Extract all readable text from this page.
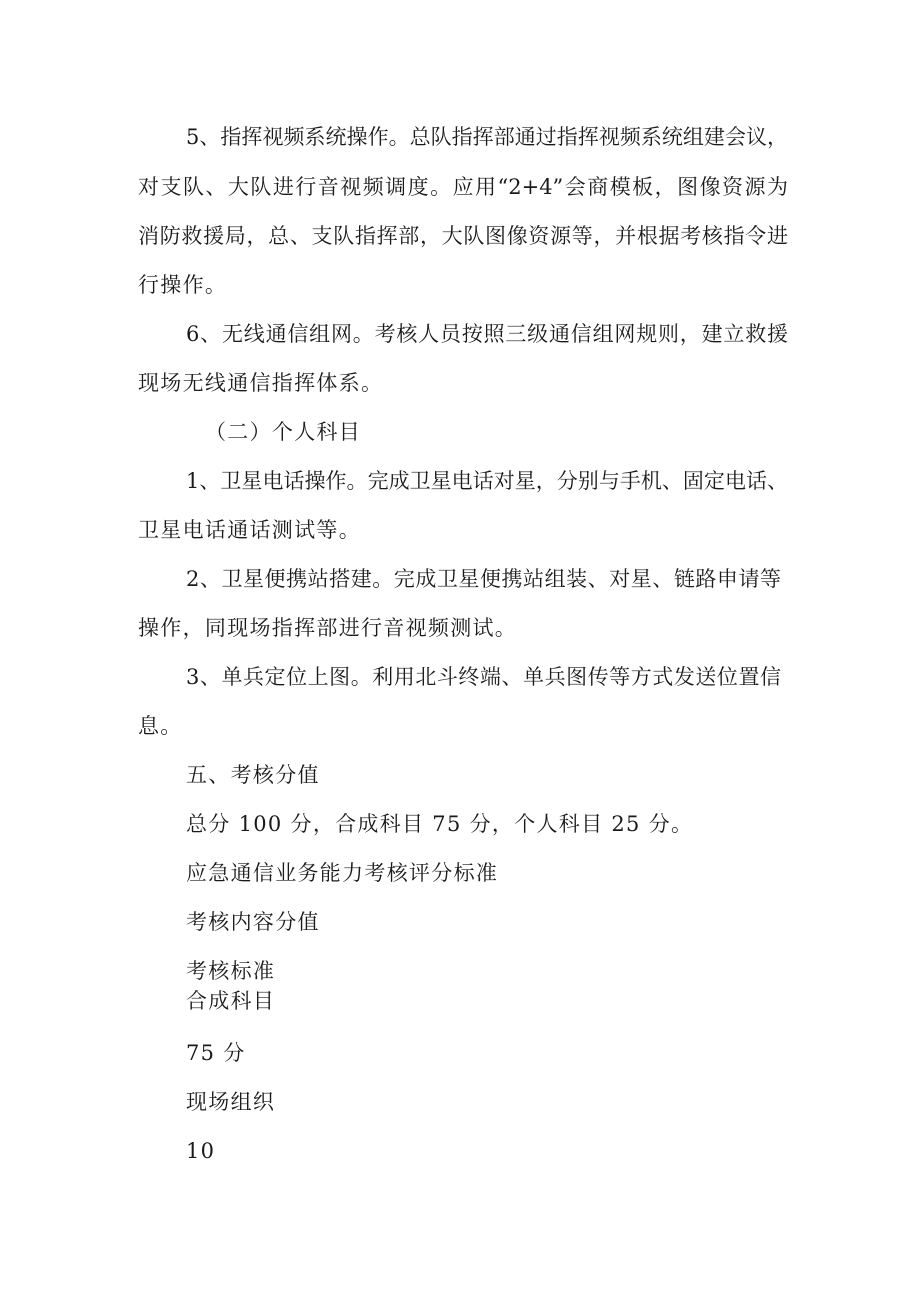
5、指挥视频系统操作。总队指挥部通过指挥视频系统组建会议，
对支队、大队进行音视频调度。应用“2+4”会商模板，图像资源为
消防救援局，总、支队指挥部，大队图像资源等，并根据考核指令进
行操作。
6、无线通信组网。考核人员按照三级通信组网规则，建立救援
现场无线通信指挥体系。
（二）个人科目
1、卫星电话操作。完成卫星电话对星，分别与手机、固定电话、
卫星电话通话测试等。
2、卫星便携站搭建。完成卫星便携站组装、对星、链路申请等
操作，同现场指挥部进行音视频测试。
3、单兵定位上图。利用北斗终端、单兵图传等方式发送位置信
息。
五、考核分值
总分 100 分，合成科目 75 分，个人科目 25 分。
应急通信业务能力考核评分标准
考核内容分值
考核标准
合成科目
75 分
现场组织
10
